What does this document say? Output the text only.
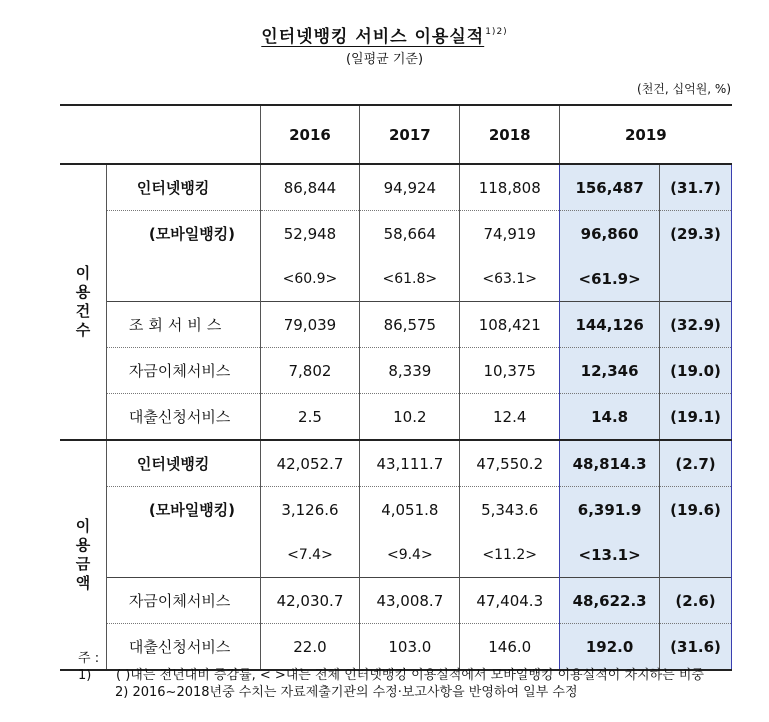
인터넷뱅킹 서비스 이용실적$^{1)2)}$
(일평균 기준)
(천건, 십억원, %)
		2016	2017	2018	2019	

이
용
건
수	인터넷뱅킹	86,844	94,924	118,808	156,487	(31.7)
	(모바일뱅킹)	52,948	58,664	74,919	96,860	(29.3)
		<60.9>	<61.8>	<63.1>	<61.9>	
	조회서비스	79,039	86,575	108,421	144,126	(32.9)
	자금이체서비스	7,802	8,339	10,375	12,346	(19.0)
	대출신청서비스	2.5	10.2	12.4	14.8	(19.1)

이
용
금
액	인터넷뱅킹	42,052.7	43,111.7	47,550.2	48,814.3	(2.7)
	(모바일뱅킹)	3,126.6	4,051.8	5,343.6	6,391.9	(19.6)
		<7.4>	<9.4>	<11.2>	<13.1>	
	자금이체서비스	42,030.7	43,008.7	47,404.3	48,622.3	(2.6)
	대출신청서비스	22.0	103.0	146.0	192.0	(31.6)
주 : 1) ( )내는 전년대비 증감률, < >내는 전체 인터넷뱅킹 이용실적에서 모바일뱅킹 이용실적이 차지하는 비중
2) 2016~2018년중 수치는 자료제출기관의 수정·보고사항을 반영하여 일부 수정
